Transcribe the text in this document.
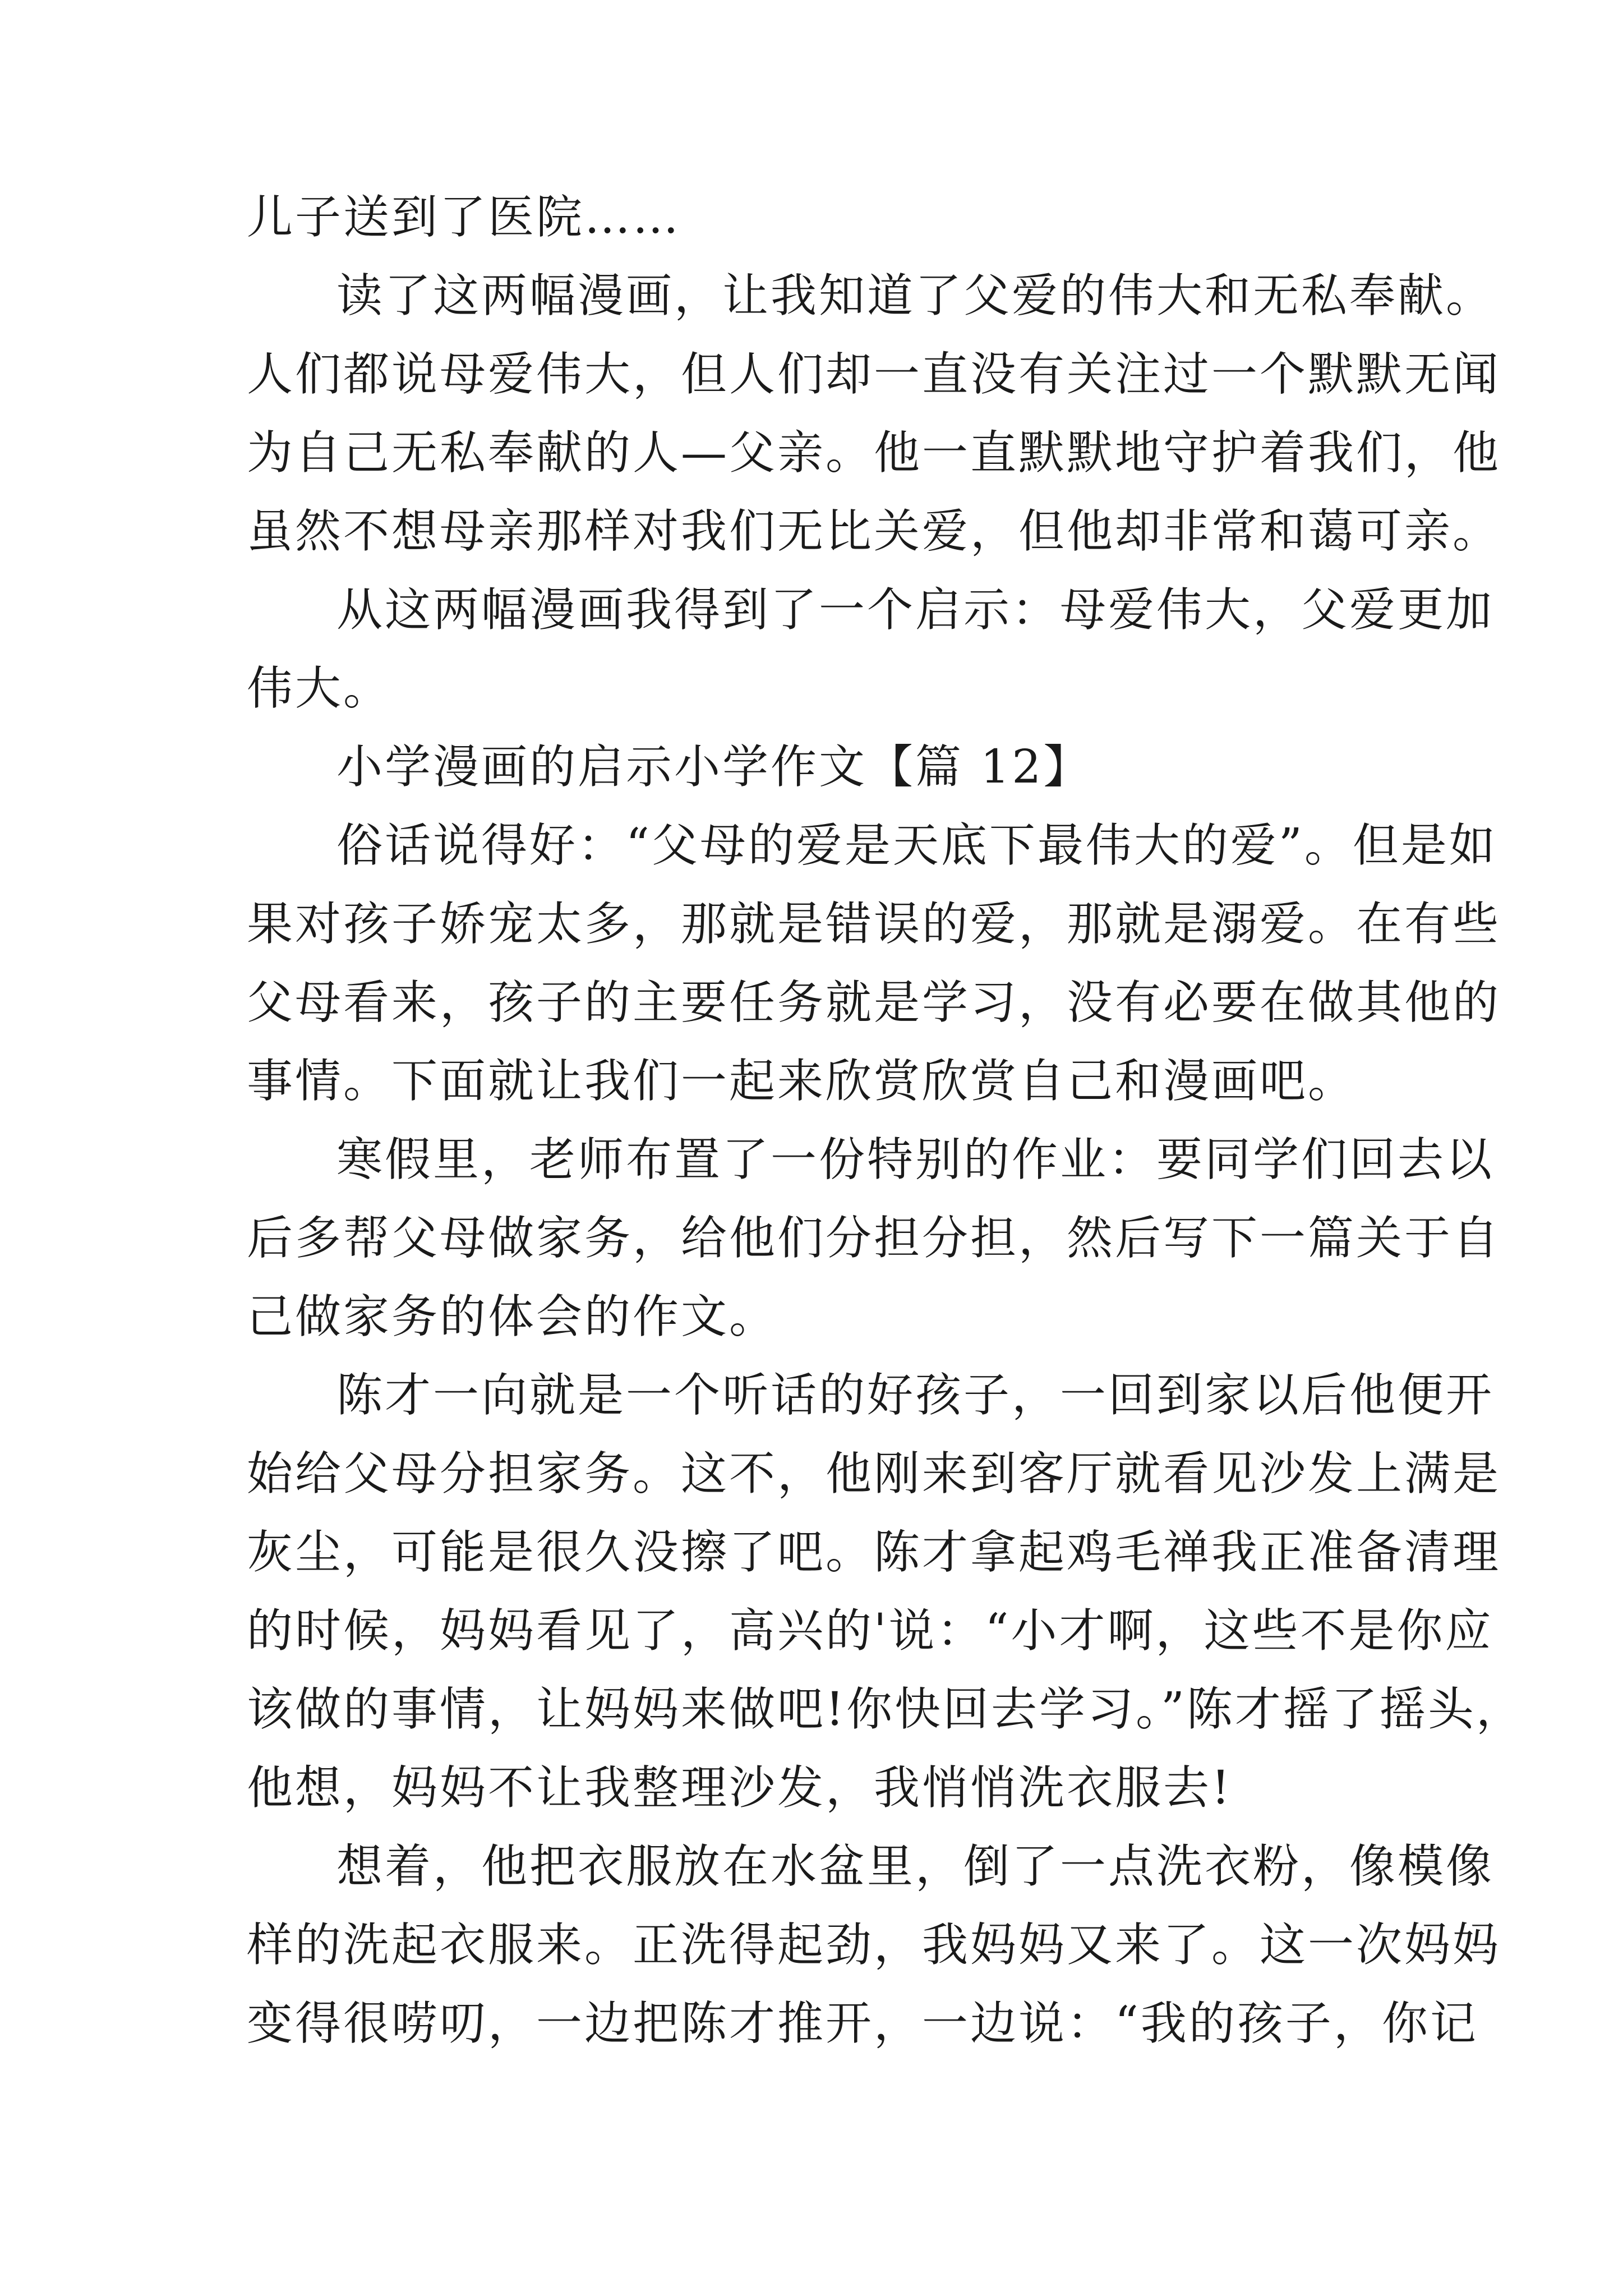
儿子送到了医院……
读了这两幅漫画，让我知道了父爱的伟大和无私奉献。
人们都说母爱伟大，但人们却一直没有关注过一个默默无闻
为自己无私奉献的人—父亲。他一直默默地守护着我们，他
虽然不想母亲那样对我们无比关爱，但他却非常和蔼可亲。
从这两幅漫画我得到了一个启示：母爱伟大，父爱更加
伟大。
小学漫画的启示小学作文【篇 12】
俗话说得好：“父母的爱是天底下最伟大的爱”。但是如
果对孩子娇宠太多，那就是错误的爱，那就是溺爱。在有些
父母看来，孩子的主要任务就是学习，没有必要在做其他的
事情。下面就让我们一起来欣赏欣赏自己和漫画吧。
寒假里，老师布置了一份特别的作业：要同学们回去以
后多帮父母做家务，给他们分担分担，然后写下一篇关于自
己做家务的体会的作文。
陈才一向就是一个听话的好孩子，一回到家以后他便开
始给父母分担家务。这不，他刚来到客厅就看见沙发上满是
灰尘，可能是很久没擦了吧。陈才拿起鸡毛禅我正准备清理
的时候，妈妈看见了，高兴的'说：“小才啊，这些不是你应
该做的事情，让妈妈来做吧!你快回去学习。”陈才摇了摇头，
他想，妈妈不让我整理沙发，我悄悄洗衣服去!
想着，他把衣服放在水盆里，倒了一点洗衣粉，像模像
样的洗起衣服来。正洗得起劲，我妈妈又来了。这一次妈妈
变得很唠叨，一边把陈才推开，一边说：“我的孩子，你记
